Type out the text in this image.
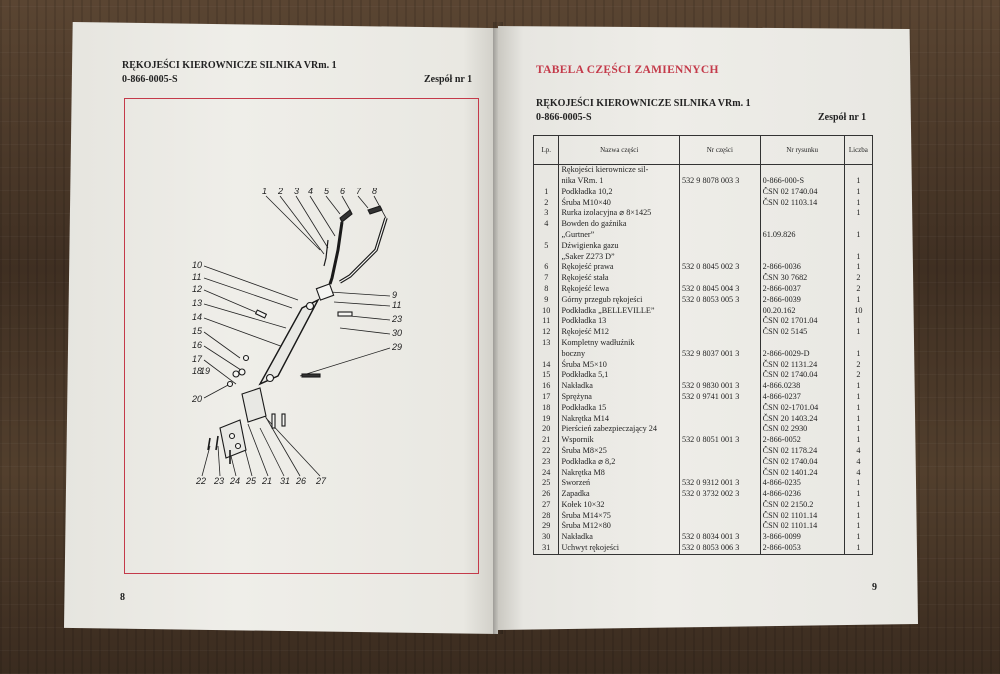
RĘKOJEŚCI KIEROWNICZE SILNIKA VRm. 1
0-866-0005-S	Zespół nr 1
1 2 3 4 5 6 7 8
10
11
12
13
14
15
16
17
18
19
20
9
11
23
30
29
22 23 24 25 21 31 26 27
8
TABELA CZĘŚCI ZAMIENNYCH
RĘKOJEŚCI KIEROWNICZE SILNIKA VRm. 1
0-866-0005-S	Zespół nr 1
Lp.	Nazwa części	Nr części	Nr rysunku	Liczba
	Rękojeści kierownicze sil-			
	nika VRm. 1	532 9 8078 003 3	0-866-000-S	1
1	Podkładka 10,2		ČSN 02 1740.04	1
2	Śruba M10×40		ČSN 02 1103.14	1
3	Rurka izolacyjna ⌀ 8×1425			1
4	Bowden do gaźnika			
	„Gurtner”		61.09.826	1
5	Dźwigienka gazu			
	„Saker Z273 D”			1
6	Rękojeść prawa	532 0 8045 002 3	2-866-0036	1
7	Rękojeść stała		ČSN 30 7682	2
8	Rękojeść lewa	532 0 8045 004 3	2-866-0037	2
9	Górny przegub rękojeści	532 0 8053 005 3	2-866-0039	1
10	Podkładka „BELLEVILLE”		00.20.162	10
11	Podkładka 13		ČSN 02 1701.04	1
12	Rękojeść M12		ČSN 02 5145	1
13	Kompletny wadłuźnik			
	boczny	532 9 8037 001 3	2-866-0029-D	1
14	Śruba M5×10		ČSN 02 1131.24	2
15	Podkładka 5,1		ČSN 02 1740.04	2
16	Nakładka	532 0 9830 001 3	4-866.0238	1
17	Sprężyna	532 0 9741 001 3	4-866-0237	1
18	Podkładka 15		ČSN 02-1701.04	1
19	Nakrętka M14		ČSN 20 1403.24	1
20	Pierścień zabezpieczający 24		ČSN 02 2930	1
21	Wspornik	532 0 8051 001 3	2-866-0052	1
22	Śruba M8×25		ČSN 02 1178.24	4
23	Podkładka ⌀ 8,2		ČSN 02 1740.04	4
24	Nakrętka M8		ČSN 02 1401.24	4
25	Sworzeń	532 0 9312 001 3	4-866-0235	1
26	Zapadka	532 0 3732 002 3	4-866-0236	1
27	Kołek 10×32		ČSN 02 2150.2	1
28	Śruba M14×75		ČSN 02 1101.14	1
29	Śruba M12×80		ČSN 02 1101.14	1
30	Nakładka	532 0 8034 001 3	3-866-0099	1
31	Uchwyt rękojeści	532 0 8053 006 3	2-866-0053	1
9
